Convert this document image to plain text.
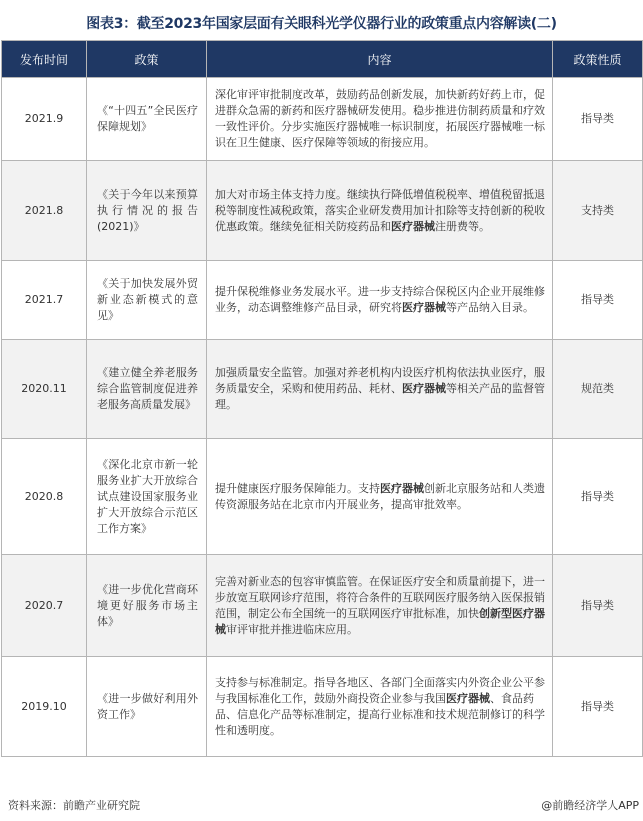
图表3：截至2023年国家层面有关眼科光学仪器行业的政策重点内容解读(二)
发布时间	政策	内容	政策性质
2021.9	《“十四五”全民医疗保障规划》	深化审评审批制度改革，鼓励药品创新发展，加快新药好药上市，促进群众急需的新药和医疗器械研发使用。稳步推进仿制药质量和疗效一致性评价。分步实施医疗器械唯一标识制度，拓展医疗器械唯一标识在卫生健康、医疗保障等领域的衔接应用。	指导类
2021.8	《关于今年以来预算执行情况的报告(2021)》	加大对市场主体支持力度。继续执行降低增值税税率、增值税留抵退税等制度性减税政策，落实企业研发费用加计扣除等支持创新的税收优惠政策。继续免征相关防疫药品和医疗器械注册费等。	支持类
2021.7	《关于加快发展外贸新业态新模式的意见》	提升保税维修业务发展水平。进一步支持综合保税区内企业开展维修业务，动态调整维修产品目录，研究将医疗器械等产品纳入目录。	指导类
2020.11	《建立健全养老服务综合监管制度促进养老服务高质量发展》	加强质量安全监管。加强对养老机构内设医疗机构依法执业医疗，服务质量安全，采购和使用药品、耗材、医疗器械等相关产品的监督管理。	规范类
2020.8	《深化北京市新一轮服务业扩大开放综合试点建设国家服务业扩大开放综合示范区工作方案》	提升健康医疗服务保障能力。支持医疗器械创新北京服务站和人类遗传资源服务站在北京市内开展业务，提高审批效率。	指导类
2020.7	《进一步优化营商环境更好服务市场主体》	完善对新业态的包容审慎监管。在保证医疗安全和质量前提下，进一步放宽互联网诊疗范围，将符合条件的互联网医疗服务纳入医保报销范围，制定公布全国统一的互联网医疗审批标准，加快创新型医疗器械审评审批并推进临床应用。	指导类
2019.10	《进一步做好利用外资工作》	支持参与标准制定。指导各地区、各部门全面落实内外资企业公平参与我国标准化工作，鼓励外商投资企业参与我国医疗器械、食品药品、信息化产品等标准制定，提高行业标准和技术规范制修订的科学性和透明度。	指导类
资料来源：前瞻产业研究院	@前瞻经济学人APP
